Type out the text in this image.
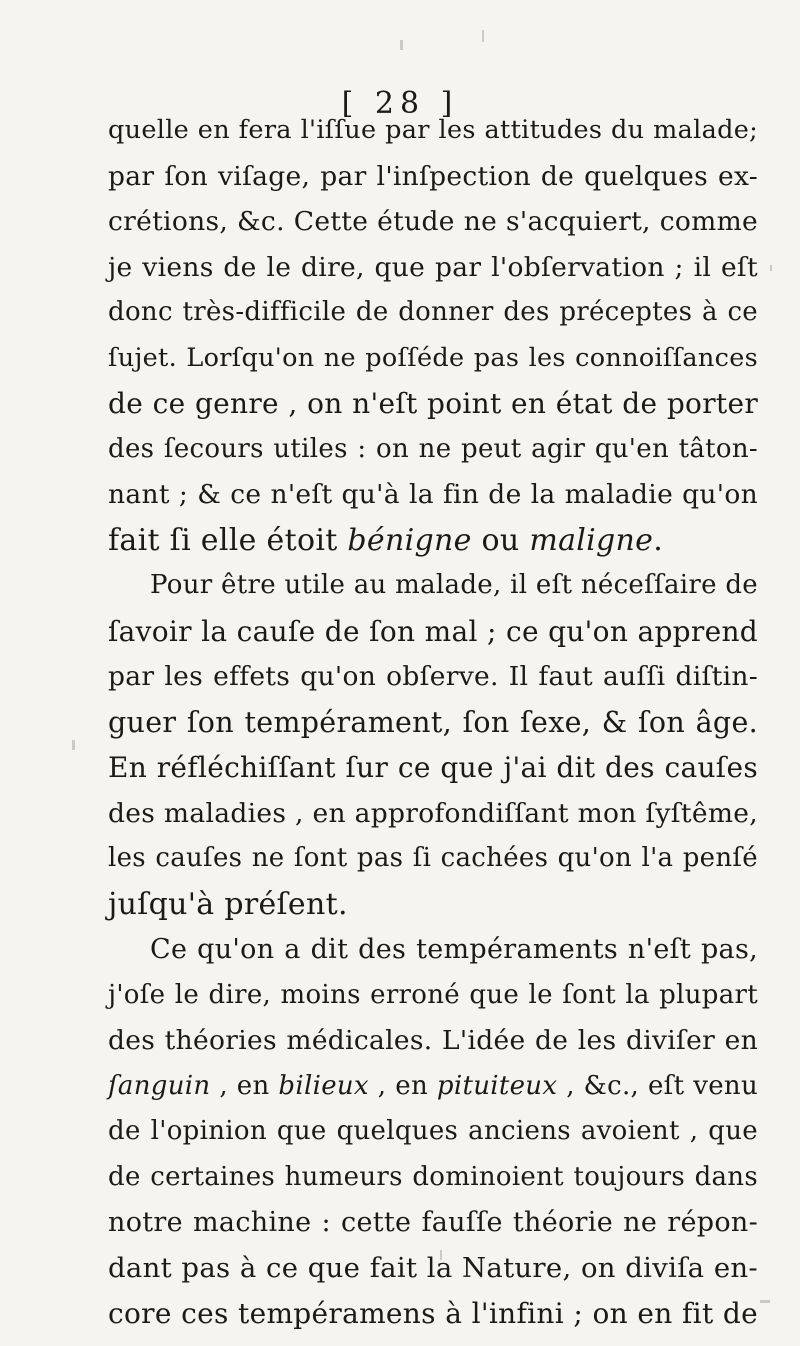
[ 28 ]
quelle en fera l'iſſue par les attitudes du malade;
par ſon viſage, par l'inſpection de quelques ex-
crétions, &c. Cette étude ne s'acquiert, comme
je viens de le dire, que par l'obſervation ; il eſt
donc très-difficile de donner des préceptes à ce
ſujet. Lorſqu'on ne poſſéde pas les connoiſſances
de ce genre , on n'eſt point en état de porter
des ſecours utiles : on ne peut agir qu'en tâton-
nant ; & ce n'eſt qu'à la fin de la maladie qu'on
fait ſi elle étoit bénigne ou maligne.
Pour être utile au malade, il eſt néceſſaire de
ſavoir la cauſe de ſon mal ; ce qu'on apprend
par les effets qu'on obſerve. Il faut auſſi diſtin-
guer ſon tempérament, ſon ſexe, & ſon âge.
En réfléchiſſant ſur ce que j'ai dit des cauſes
des maladies , en approfondiſſant mon ſyſtême,
les cauſes ne ſont pas ſi cachées qu'on l'a penſé
juſqu'à préſent.
Ce qu'on a dit des tempéraments n'eſt pas,
j'oſe le dire, moins erroné que le ſont la plupart
des théories médicales. L'idée de les diviſer en
ſanguin , en bilieux , en pituiteux , &c., eſt venu
de l'opinion que quelques anciens avoient , que
de certaines humeurs dominoient toujours dans
notre machine : cette fauſſe théorie ne répon-
dant pas à ce que fait la Nature, on diviſa en-
core ces tempéramens à l'infini ; on en fit de
